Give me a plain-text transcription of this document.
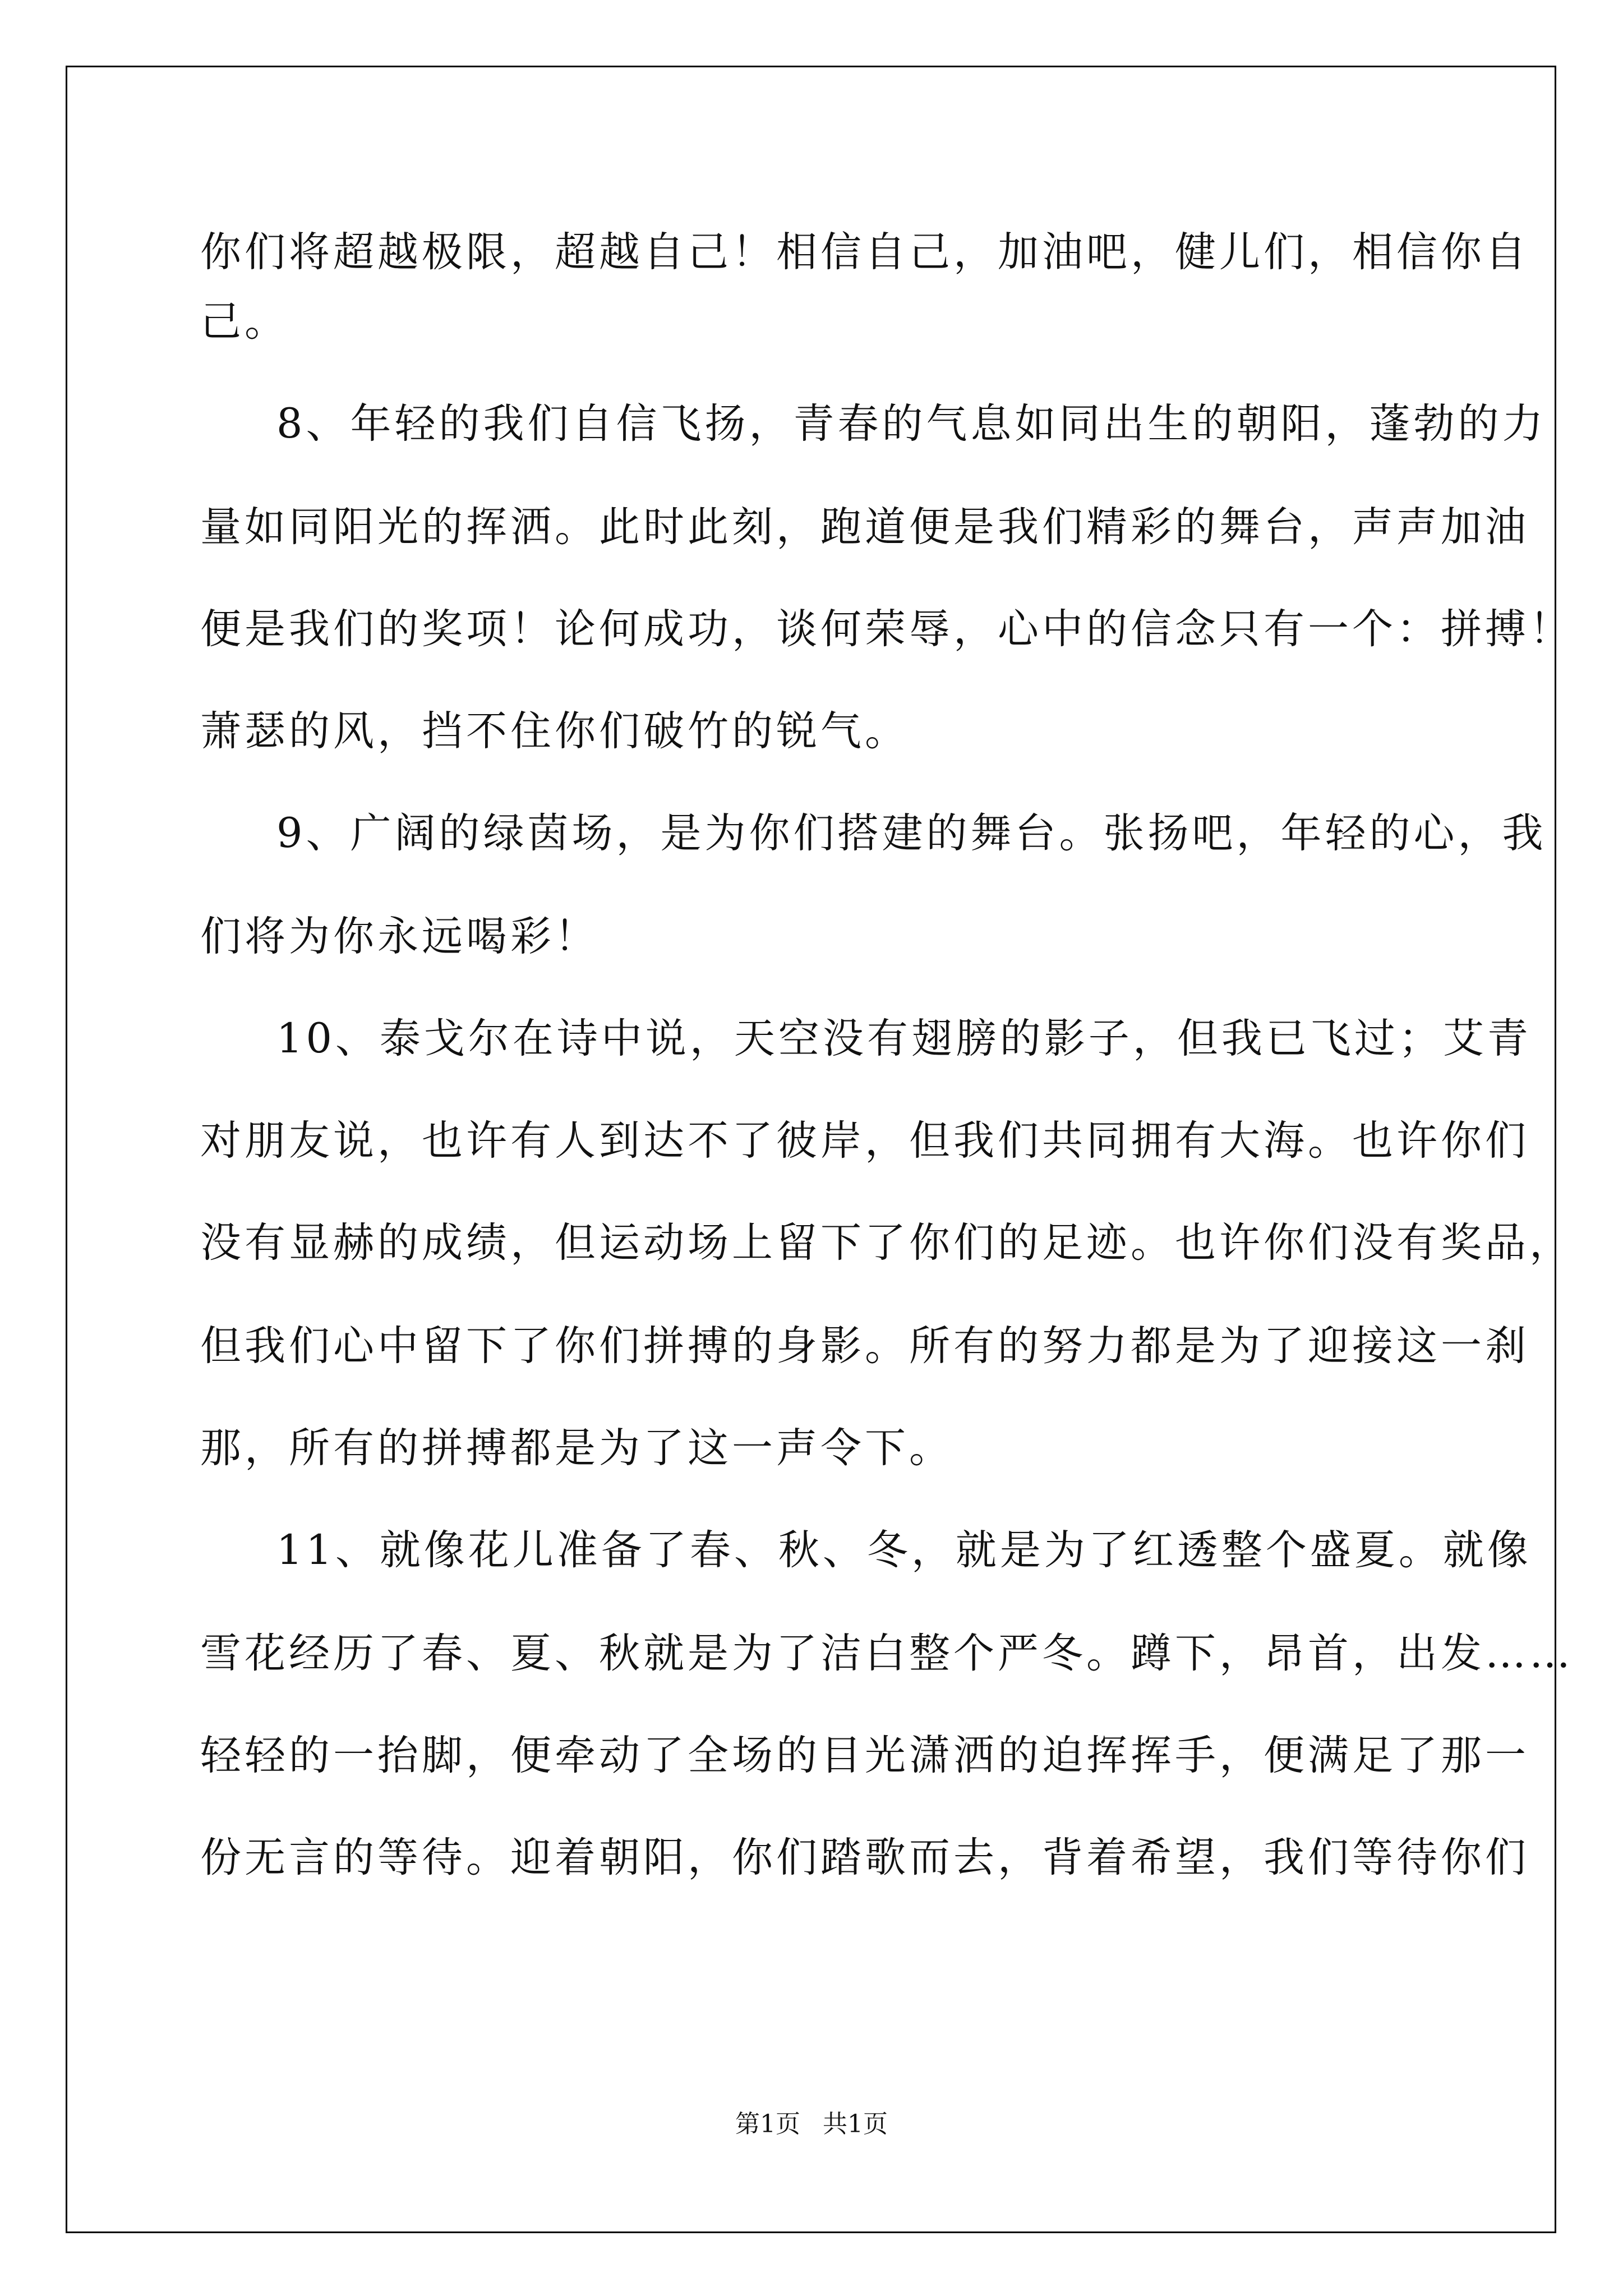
你们将超越极限，超越自己！相信自己，加油吧，健儿们，相信你自
己。
8、年轻的我们自信飞扬，青春的气息如同出生的朝阳，蓬勃的力
量如同阳光的挥洒。此时此刻，跑道便是我们精彩的舞台，声声加油
便是我们的奖项！论何成功，谈何荣辱，心中的信念只有一个：拼搏！
萧瑟的风，挡不住你们破竹的锐气。
9、广阔的绿茵场，是为你们搭建的舞台。张扬吧，年轻的心，我
们将为你永远喝彩！
10、泰戈尔在诗中说，天空没有翅膀的影子，但我已飞过；艾青
对朋友说，也许有人到达不了彼岸，但我们共同拥有大海。也许你们
没有显赫的成绩，但运动场上留下了你们的足迹。也许你们没有奖品，
但我们心中留下了你们拼搏的身影。所有的努力都是为了迎接这一刹
那，所有的拼搏都是为了这一声令下。
11、就像花儿准备了春、秋、冬，就是为了红透整个盛夏。就像
雪花经历了春、夏、秋就是为了洁白整个严冬。蹲下，昂首，出发……
轻轻的一抬脚，便牵动了全场的目光潇洒的迫挥挥手，便满足了那一
份无言的等待。迎着朝阳，你们踏歌而去，背着希望，我们等待你们
第1页 共1页
